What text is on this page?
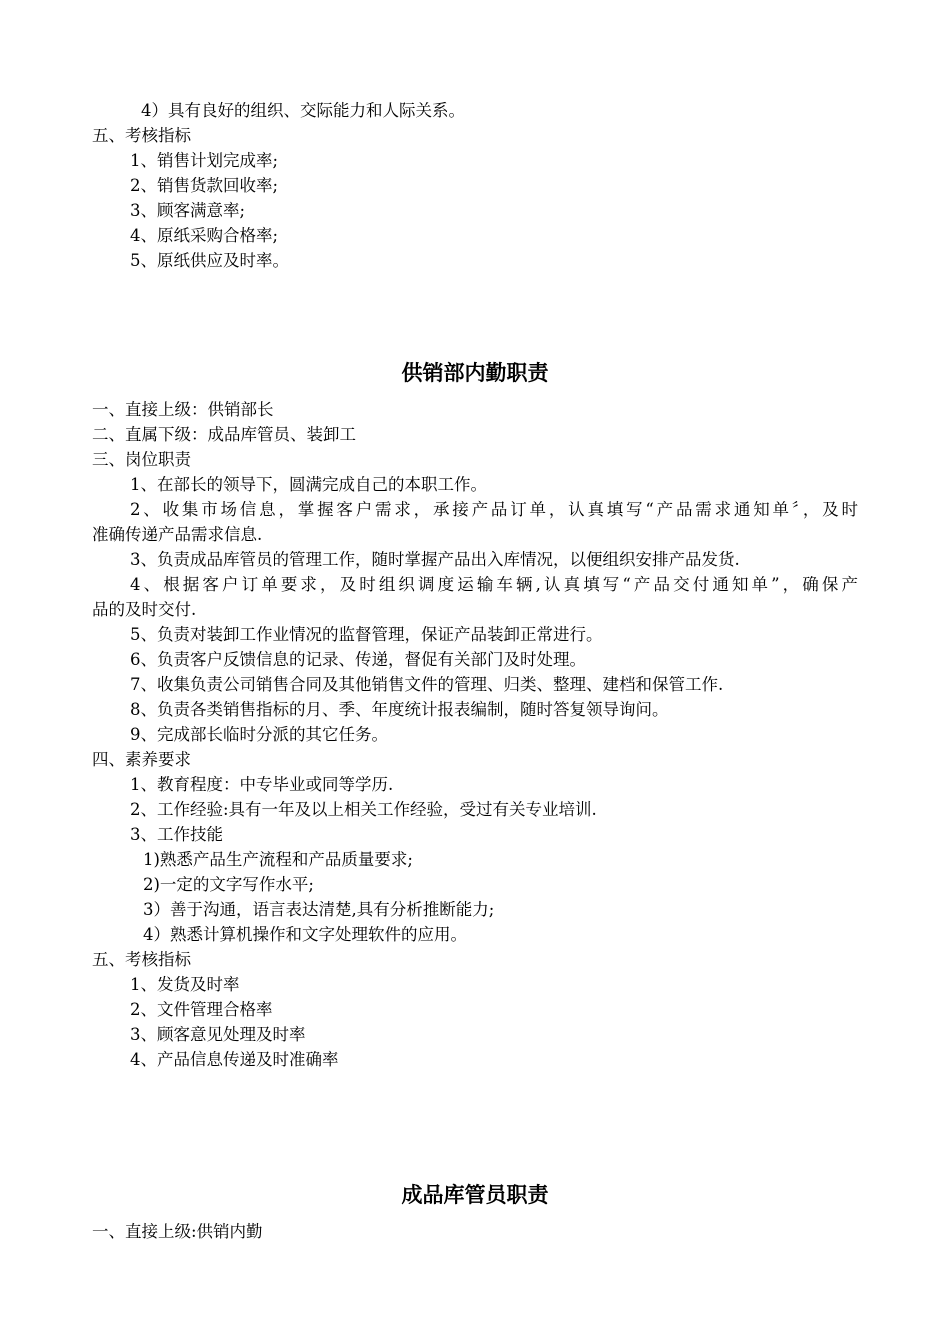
4）具有良好的组织、交际能力和人际关系。
五、考核指标
1、销售计划完成率;
2、销售货款回收率;
3、顾客满意率;
4、原纸采购合格率;
5、原纸供应及时率。
供销部内勤职责
一、直接上级：供销部长
二、直属下级：成品库管员、装卸工
三、岗位职责
1、在部长的领导下，圆满完成自己的本职工作。
2、收集市场信息，掌握客户需求，承接产品订单，认真填写“产品需求通知单〞，及时
准确传递产品需求信息.
3、负责成品库管员的管理工作，随时掌握产品出入库情况，以便组织安排产品发货.
4、根据客户订单要求，及时组织调度运输车辆,认真填写“产品交付通知单”，确保产
品的及时交付.
5、负责对装卸工作业情况的监督管理，保证产品装卸正常进行。
6、负责客户反馈信息的记录、传递，督促有关部门及时处理。
7、收集负责公司销售合同及其他销售文件的管理、归类、整理、建档和保管工作.
8、负责各类销售指标的月、季、年度统计报表编制，随时答复领导询问。
9、完成部长临时分派的其它任务。
四、素养要求
1、教育程度：中专毕业或同等学历.
2、工作经验:具有一年及以上相关工作经验，受过有关专业培训.
3、工作技能
1)熟悉产品生产流程和产品质量要求;
2)一定的文字写作水平;
3）善于沟通，语言表达清楚,具有分析推断能力;
4）熟悉计算机操作和文字处理软件的应用。
五、考核指标
1、发货及时率
2、文件管理合格率
3、顾客意见处理及时率
4、产品信息传递及时准确率
成品库管员职责
一、直接上级:供销内勤
